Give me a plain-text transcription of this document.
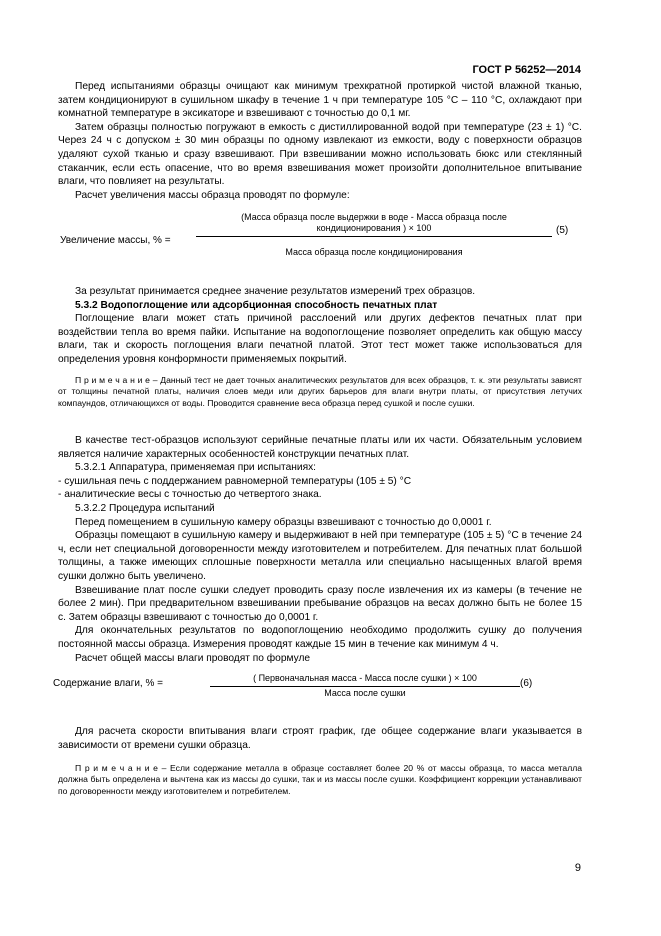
ГОСТ Р 56252—2014

Перед испытаниями образцы очищают как минимум трехкратной протиркой чистой влажной тканью, затем кондиционируют в сушильном шкафу в течение 1 ч при температуре 105 °C – 110 °C, охлаждают при комнатной температуре в эксикаторе и взвешивают с точностью до 0,1 мг.

Затем образцы полностью погружают в емкость с дистиллированной водой при температуре (23 ± 1) °C. Через 24 ч с допуском ± 30 мин образцы по одному извлекают из емкости, воду с поверхности образцов удаляют сухой тканью и сразу взвешивают. При взвешивании можно использовать бюкс или стеклянный стаканчик, если есть опасение, что во время взвешивания может произойти дополнительное впитывание влаги, что повлияет на результаты.

Расчет увеличения массы образца проводят по формуле:

Увеличение массы, % =
(Масса образца после выдержки в воде - Масса образца после
кондиционирования ) × 100
Масса образца после кондиционирования
(5)

За результат принимается среднее значение результатов измерений трех образцов.

5.3.2 Водопоглощение или адсорбционная способность печатных плат

Поглощение влаги может стать причиной расслоений или других дефектов печатных плат при воздействии тепла во время пайки. Испытание на водопоглощение позволяет определить как общую массу влаги, так и скорость поглощения влаги печатной платой. Этот тест может также использоваться для определения уровня конформности применяемых покрытий.

П р и м е ч а н и е – Данный тест не дает точных аналитических результатов для всех образцов, т. к. эти результаты зависят от толщины печатной платы, наличия слоев меди или других барьеров для влаги внутри платы, от присутствия летучих компаундов, отличающихся от воды. Проводится сравнение веса образца перед сушкой и после сушки.

В качестве тест-образцов используют серийные печатные платы или их части. Обязательным условием является наличие характерных особенностей конструкции печатных плат.

5.3.2.1 Аппаратура, применяемая при испытаниях:

- сушильная печь с поддержанием равномерной температуры (105 ± 5) °С

- аналитические весы с точностью до четвертого знака.

5.3.2.2 Процедура испытаний

Перед помещением в сушильную камеру образцы взвешивают с точностью до 0,0001 г.

Образцы помещают в сушильную камеру и выдерживают в ней при температуре (105 ± 5) °С в течение 24 ч, если нет специальной договоренности между изготовителем и потребителем. Для печатных плат большой толщины, а также имеющих сплошные поверхности металла или специально насыщенных влагой время сушки должно быть увеличено.

Взвешивание плат после сушки следует проводить сразу после извлечения их из камеры (в течение не более 2 мин). При предварительном взвешивании пребывание образцов на весах должно быть не более 15 с. Затем образцы взвешивают с точностью до 0,0001 г.

Для окончательных результатов по водопоглощению необходимо продолжить сушку до получения постоянной массы образца. Измерения проводят каждые 15 мин в течение как минимум 4 ч.

Расчет общей массы влаги проводят по формуле

Содержание влаги, % =	( Первоначальная масса - Масса после сушки ) × 100
Масса после сушки
(6)

Для расчета скорости впитывания влаги строят график, где общее содержание влаги указывается в зависимости от времени сушки образца.

П р и м е ч а н и е – Если содержание металла в образце составляет более 20 % от массы образца, то масса металла должна быть определена и вычтена как из массы до сушки, так и из массы после сушки. Коэффициент коррекции устанавливают по договоренности между изготовителем и потребителем.

9
